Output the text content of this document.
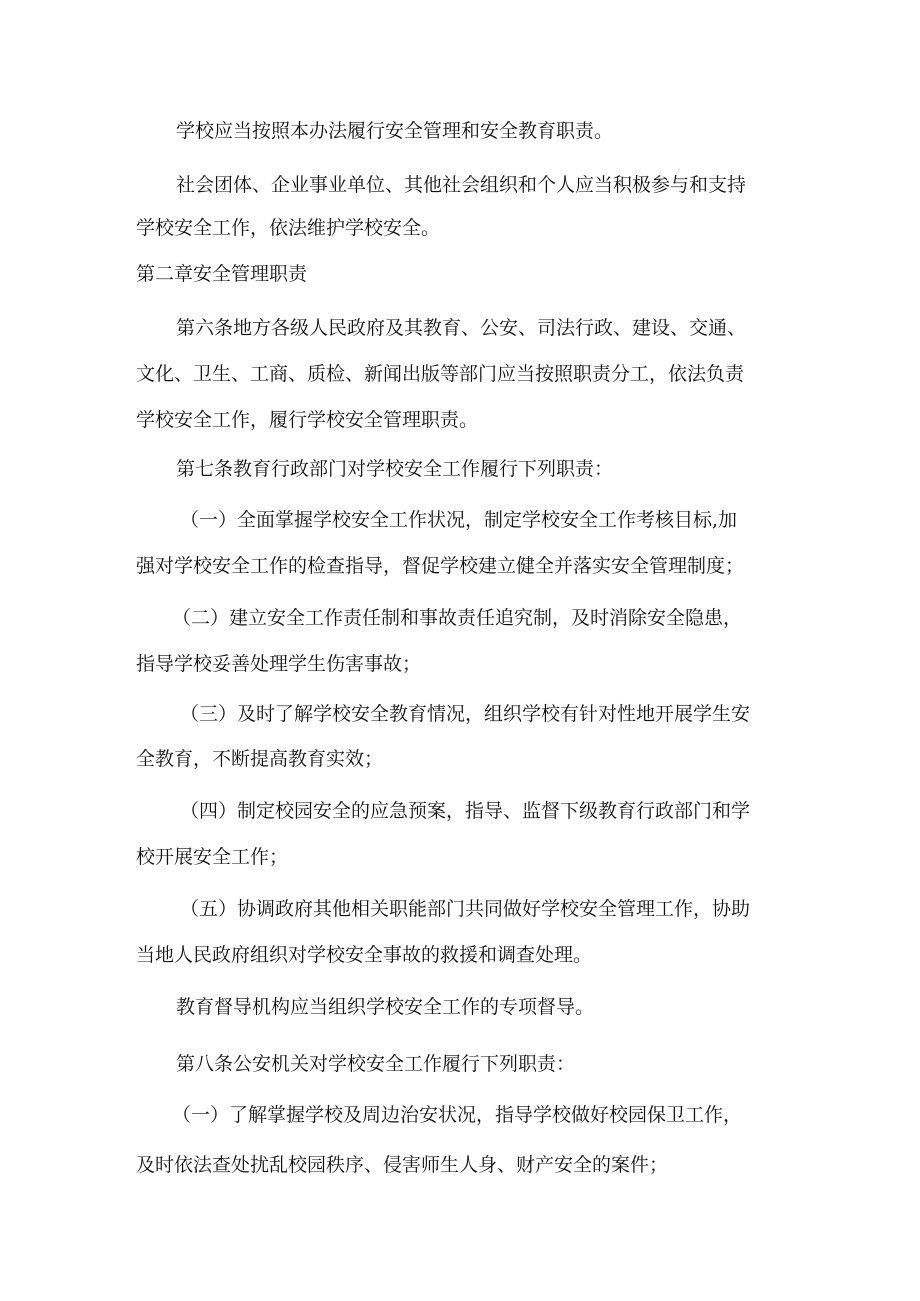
学校应当按照本办法履行安全管理和安全教育职责。
社会团体、企业事业单位、其他社会组织和个人应当积极参与和支持
学校安全工作，依法维护学校安全。
第二章安全管理职责
第六条地方各级人民政府及其教育、公安、司法行政、建设、交通、
文化、卫生、工商、质检、新闻出版等部门应当按照职责分工，依法负责
学校安全工作，履行学校安全管理职责。
第七条教育行政部门对学校安全工作履行下列职责：
（一）全面掌握学校安全工作状况，制定学校安全工作考核目标,加
强对学校安全工作的检查指导，督促学校建立健全并落实安全管理制度；
（二）建立安全工作责任制和事故责任追究制，及时消除安全隐患，
指导学校妥善处理学生伤害事故；
（三）及时了解学校安全教育情况，组织学校有针对性地开展学生安
全教育，不断提高教育实效；
（四）制定校园安全的应急预案，指导、监督下级教育行政部门和学
校开展安全工作；
（五）协调政府其他相关职能部门共同做好学校安全管理工作，协助
当地人民政府组织对学校安全事故的救援和调查处理。
教育督导机构应当组织学校安全工作的专项督导。
第八条公安机关对学校安全工作履行下列职责：
（一）了解掌握学校及周边治安状况，指导学校做好校园保卫工作，
及时依法查处扰乱校园秩序、侵害师生人身、财产安全的案件；
